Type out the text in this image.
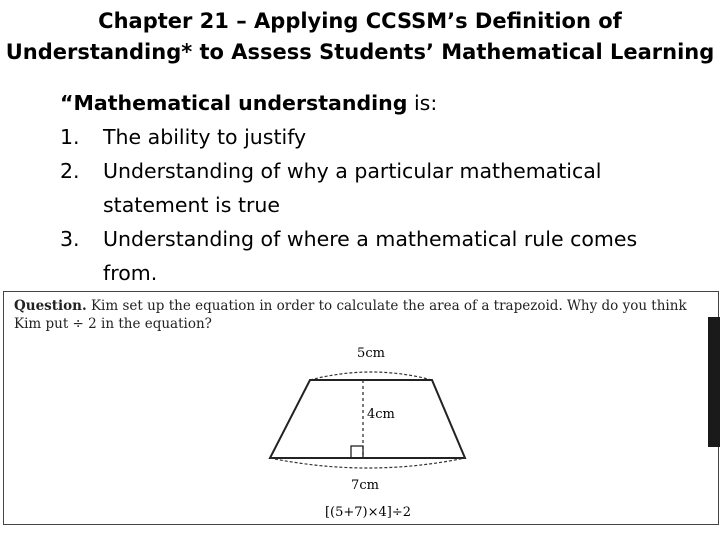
Chapter 21 – Applying CCSSM’s Definition of
Understanding* to Assess Students’ Mathematical Learning
“Mathematical understanding is:
1. The ability to justify
2. Understanding of why a particular mathematical statement is true
3. Understanding of where a mathematical rule comes from.
Question. Kim set up the equation in order to calculate the area of a trapezoid. Why do you think Kim put ÷ 2 in the equation?
5cm
4cm
7cm
[(5+7)×4]÷2
